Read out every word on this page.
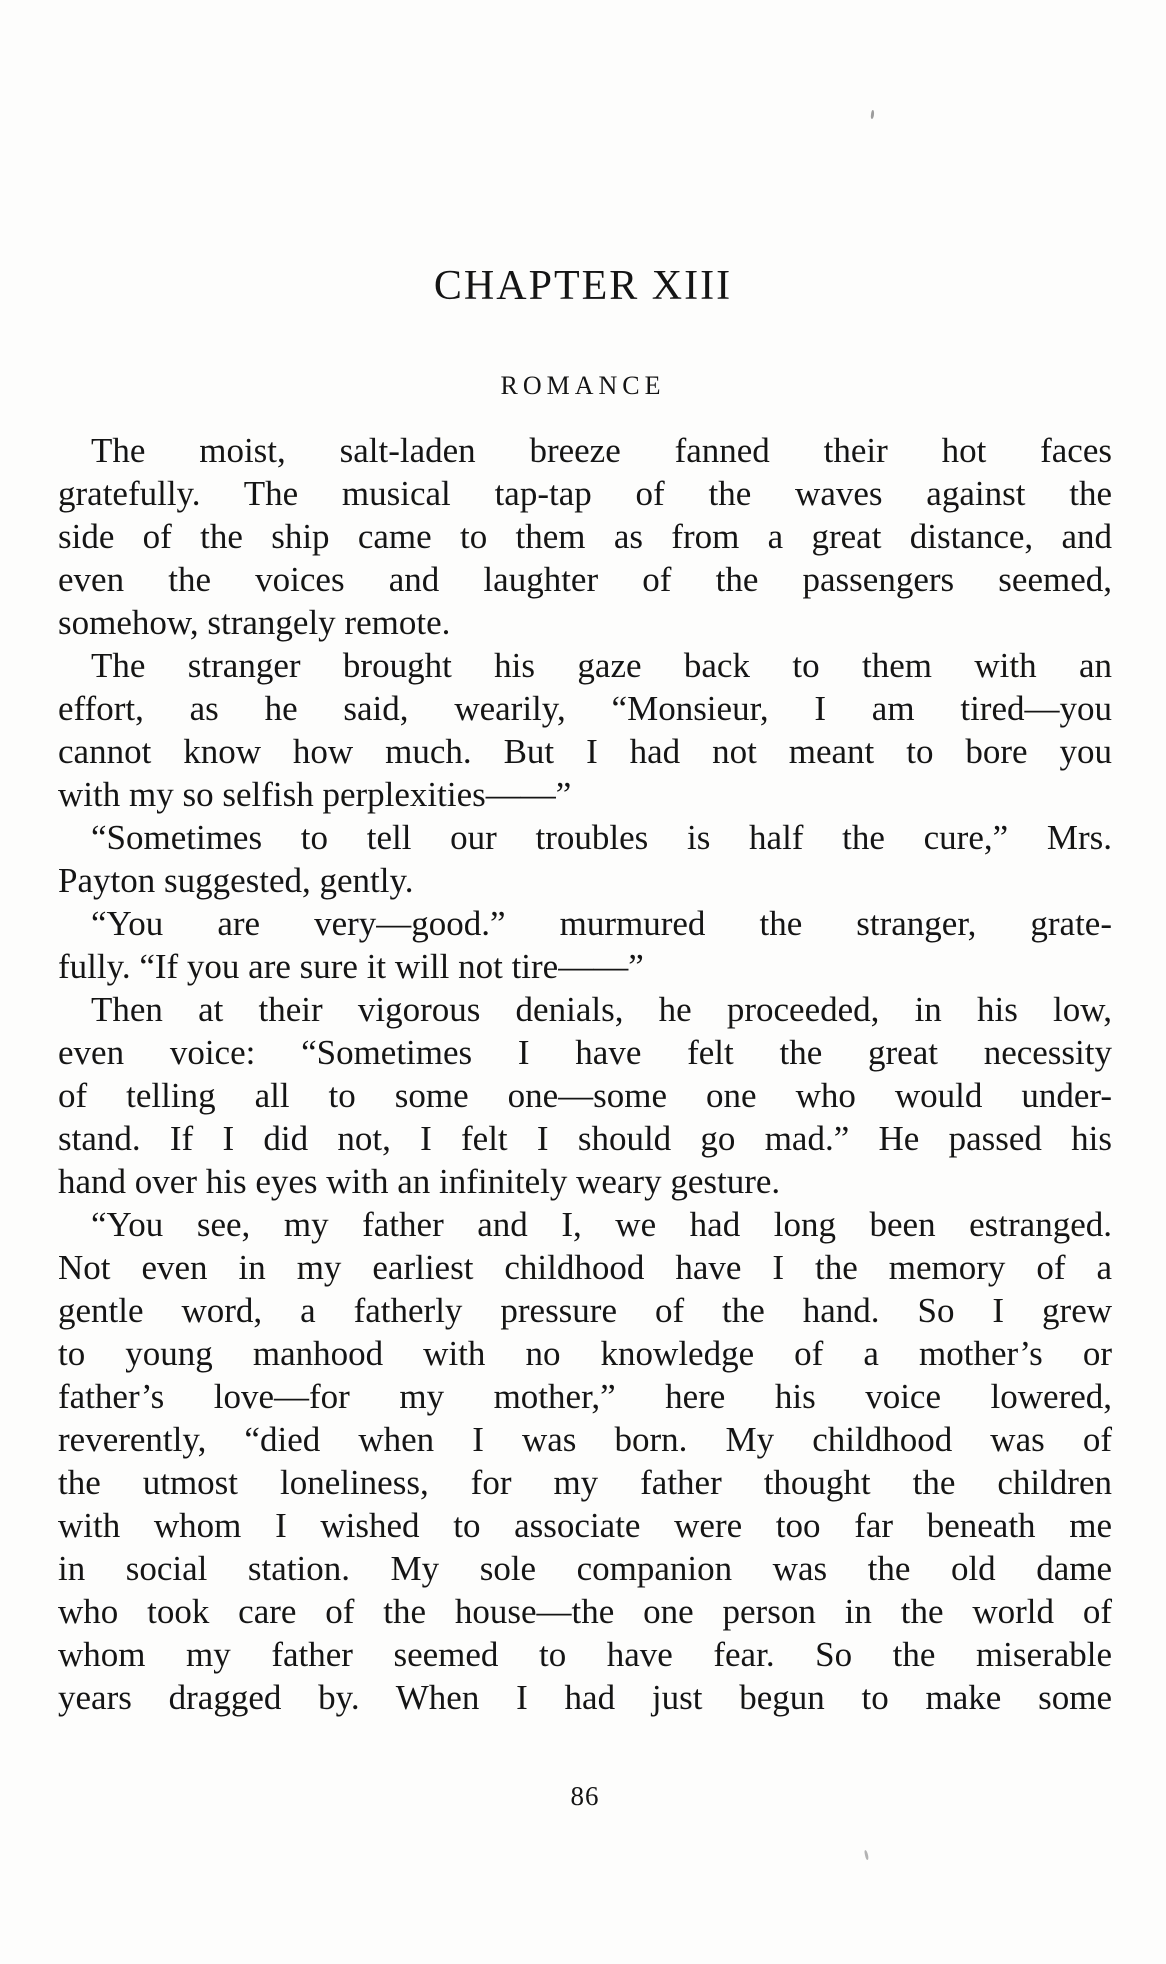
CHAPTER XIII
ROMANCE
The moist, salt-laden breeze fanned their hot faces
gratefully. The musical tap-tap of the waves against the
side of the ship came to them as from a great distance, and
even the voices and laughter of the passengers seemed,
somehow, strangely remote.
The stranger brought his gaze back to them with an
effort, as he said, wearily, “Monsieur, I am tired—you
cannot know how much. But I had not meant to bore you
with my so selfish perplexities——”
“Sometimes to tell our troubles is half the cure,” Mrs.
Payton suggested, gently.
“You are very—good.” murmured the stranger, grate-
fully. “If you are sure it will not tire——”
Then at their vigorous denials, he proceeded, in his low,
even voice: “Sometimes I have felt the great necessity
of telling all to some one—some one who would under-
stand. If I did not, I felt I should go mad.” He passed his
hand over his eyes with an infinitely weary gesture.
“You see, my father and I, we had long been estranged.
Not even in my earliest childhood have I the memory of a
gentle word, a fatherly pressure of the hand. So I grew
to young manhood with no knowledge of a mother’s or
father’s love—for my mother,” here his voice lowered,
reverently, “died when I was born. My childhood was of
the utmost loneliness, for my father thought the children
with whom I wished to associate were too far beneath me
in social station. My sole companion was the old dame
who took care of the house—the one person in the world of
whom my father seemed to have fear. So the miserable
years dragged by. When I had just begun to make some
86
